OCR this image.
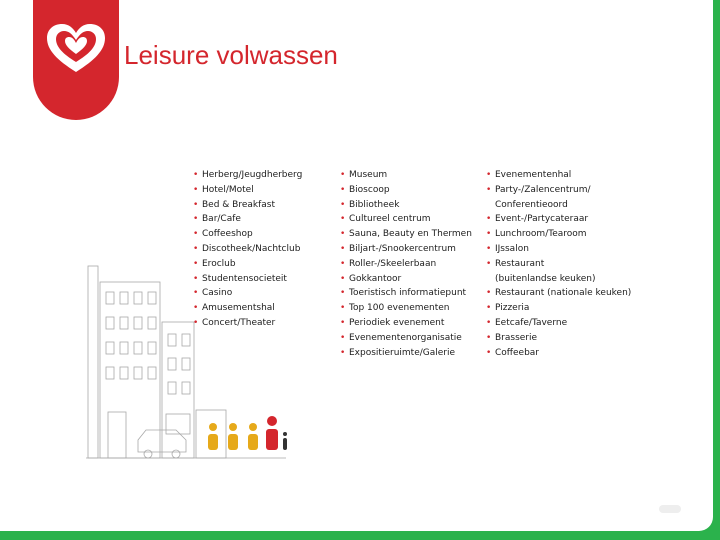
Leisure volwassen
• Herberg/Jeugdherberg
• Hotel/Motel
• Bed & Breakfast
• Bar/Cafe
• Coffeeshop
• Discotheek/Nachtclub
• Eroclub
• Studentensocieteit
• Casino
• Amusementshal
• Concert/Theater
• Museum
• Bioscoop
• Bibliotheek
• Cultureel centrum
• Sauna, Beauty en Thermen
• Biljart-/Snookercentrum
• Roller-/Skeelerbaan
• Gokkantoor
• Toeristisch informatiepunt
• Top 100 evenementen
• Periodiek evenement
• Evenementenorganisatie
• Expositieruimte/Galerie
• Evenementenhal
• Party-/Zalencentrum/
Conferentieoord
• Event-/Partycateraar
• Lunchroom/Tearoom
• IJssalon
• Restaurant
(buitenlandse keuken)
• Restaurant (nationale keuken)
• Pizzeria
• Eetcafe/Taverne
• Brasserie
• Coffeebar
